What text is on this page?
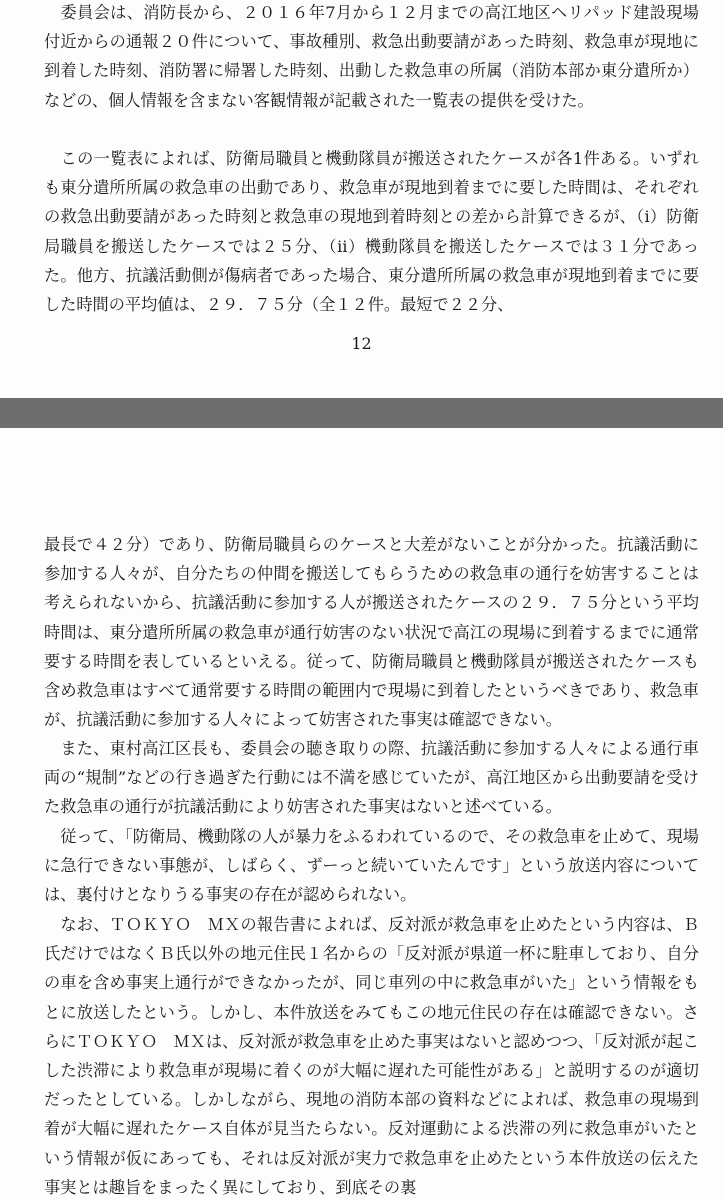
　委員会は、消防長から、２０１６年7月から１２月までの高江地区ヘリパッド建設現場付近からの通報２０件について、事故種別、救急出動要請があった時刻、救急車が現地に到着した時刻、消防署に帰署した時刻、出動した救急車の所属（消防本部か東分遣所か）などの、個人情報を含まない客観情報が記載された一覧表の提供を受けた。

　この一覧表によれば、防衛局職員と機動隊員が搬送されたケースが各1件ある。いずれも東分遣所所属の救急車の出動であり、救急車が現地到着までに要した時間は、それぞれの救急出動要請があった時刻と救急車の現地到着時刻との差から計算できるが、（ⅰ）防衛局職員を搬送したケースでは２５分、（ⅱ）機動隊員を搬送したケースでは３１分であった。他方、抗議活動側が傷病者であった場合、東分遣所所属の救急車が現地到着までに要した時間の平均値は、２９．７５分（全１２件。最短で２２分、

12

最長で４２分）であり、防衛局職員らのケースと大差がないことが分かった。抗議活動に参加する人々が、自分たちの仲間を搬送してもらうための救急車の通行を妨害することは考えられないから、抗議活動に参加する人が搬送されたケースの２９．７５分という平均時間は、東分遣所所属の救急車が通行妨害のない状況で高江の現場に到着するまでに通常要する時間を表しているといえる。従って、防衛局職員と機動隊員が搬送されたケースも含め救急車はすべて通常要する時間の範囲内で現場に到着したというべきであり、救急車が、抗議活動に参加する人々によって妨害された事実は確認できない。

　また、東村高江区長も、委員会の聴き取りの際、抗議活動に参加する人々による通行車両の“規制”などの行き過ぎた行動には不満を感じていたが、高江地区から出動要請を受けた救急車の通行が抗議活動により妨害された事実はないと述べている。

　従って、「防衛局、機動隊の人が暴力をふるわれているので、その救急車を止めて、現場に急行できない事態が、しばらく、ずーっと続いていたんです」という放送内容については、裏付けとなりうる事実の存在が認められない。

　なお、ＴＯＫＹＯ　ＭＸの報告書によれば、反対派が救急車を止めたという内容は、Ｂ氏だけではなくＢ氏以外の地元住民１名からの「反対派が県道一杯に駐車しており、自分の車を含め事実上通行ができなかったが、同じ車列の中に救急車がいた」という情報をもとに放送したという。しかし、本件放送をみてもこの地元住民の存在は確認できない。さらにＴＯＫＹＯ　ＭＸは、反対派が救急車を止めた事実はないと認めつつ、「反対派が起こした渋滞により救急車が現場に着くのが大幅に遅れた可能性がある」と説明するのが適切だったとしている。しかしながら、現地の消防本部の資料などによれば、救急車の現場到着が大幅に遅れたケース自体が見当たらない。反対運動による渋滞の列に救急車がいたという情報が仮にあっても、それは反対派が実力で救急車を止めたという本件放送の伝えた事実とは趣旨をまったく異にしており、到底その裏
